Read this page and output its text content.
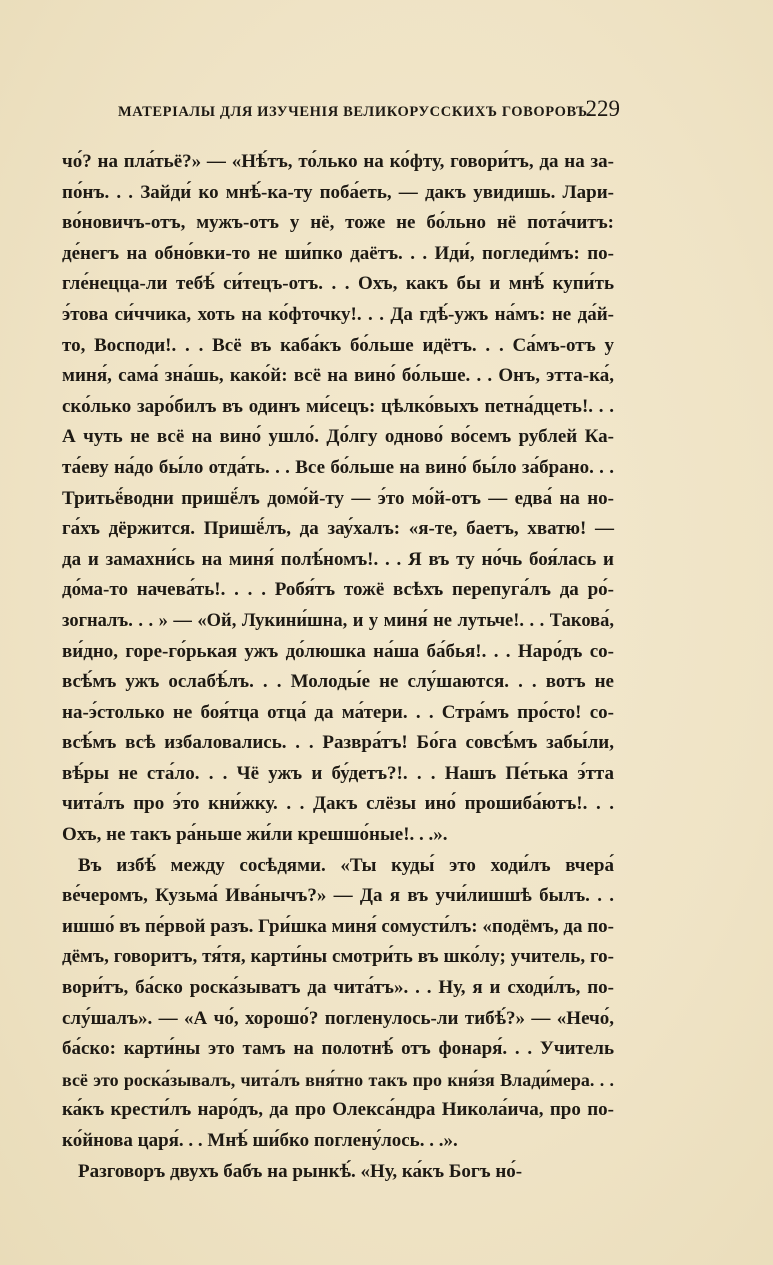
МАТЕРІАЛЫ ДЛЯ ИЗУЧЕНІЯ ВЕЛИКОРУССКИХЪ ГОВОРОВЪ.
229
чо́? на пла́тьё?» — «Нѣ́тъ, то́лько на ко́фту, говори́тъ, да на за-
по́нъ. . . Зайди́ ко мнѣ́-ка-ту поба́еть, — дакъ увидишь. Лари-
во́новичъ-отъ, мужъ-отъ у нё, тоже не бо́льно нё пота́читъ:
де́негъ на обно́вки-то не ши́пко даётъ. . . Иди́, погледи́мъ: по-
гле́нецца-ли тебѣ́ си́тецъ-отъ. . . Охъ, какъ бы и мнѣ́ купи́ть
э́това си́ччика, хоть на ко́фточку!. . . Да гдѣ́-ужъ на́мъ: не да́й-
то, Восподи!. . . Всё въ каба́къ бо́льше идётъ. . . Са́мъ-отъ у
миня́, сама́ зна́шь, како́й: всё на вино́ бо́льше. . . Онъ, этта-ка́,
ско́лько заро́билъ въ одинъ ми́сецъ: цѣлко́выхъ петна́дцеть!. . .
А чуть не всё на вино́ ушло́. До́лгу одново́ во́семъ рублей Ка-
та́еву на́до бы́ло отда́ть. . . Все бо́льше на вино́ бы́ло за́брано. . .
Тритьё́водни пришё́лъ домо́й-ту — э́то мо́й-отъ — едва́ на но-
га́хъ дёржится. Пришё́лъ, да зау́халъ: «я-те, баетъ, хватю! —
да и замахни́сь на миня́ полѣ́номъ!. . . Я въ ту но́чь боя́лась и
до́ма-то начева́ть!. . . . Робя́тъ тожё всѣхъ перепуга́лъ да ро́-
зогналъ. . . » — «Ой, Лукини́шна, и у миня́ не лутьче!. . . Такова́,
ви́дно, горе-го́рькая ужъ до́люшка на́ша ба́бья!. . . Наро́дъ со-
всѣ́мъ ужъ ослабѣ́лъ. . . Молоды́е не слу́шаются. . . вотъ не
на-э́столько не боя́тца отца́ да ма́тери. . . Стра́мъ про́сто! со-
всѣ́мъ всѣ избаловались. . . Развра́тъ! Бо́га совсѣ́мъ забы́ли,
вѣ́ры не ста́ло. . . Чё ужъ и бу́детъ?!. . . Нашъ Пе́тька э́тта
чита́лъ про э́то кни́жку. . . Дакъ слёзы ино́ прошиба́ютъ!. . .
Охъ, не такъ ра́ньше жи́ли крешшо́ные!. . .».
Въ избѣ́ между сосѣдями. «Ты куды́ это ходи́лъ вчера́
ве́черомъ, Кузьма́ Ива́нычъ?» — Да я въ учи́лишшѣ былъ. . .
ишшо́ въ пе́рвой разъ. Гри́шка миня́ сомусти́лъ: «подёмъ, да по-
дёмъ, говоритъ, тя́тя, карти́ны смотри́ть въ шко́лу; учитель, го-
вори́тъ, ба́ско роска́зыватъ да чита́тъ». . . Ну, я и сходи́лъ, по-
слу́шалъ». — «А чо́, хорошо́? погленулось-ли тибѣ́?» — «Нечо́,
ба́ско: карти́ны это тамъ на полотнѣ́ отъ фонаря́. . . Учитель
всё это роска́зывалъ, чита́лъ вня́тно такъ про кня́зя Влади́мера. . .
ка́къ крести́лъ наро́дъ, да про Олекса́ндра Никола́ича, про по-
ко́йнова царя́. . . Мнѣ́ ши́бко поглену́лось. . .».
Разговоръ двухъ бабъ на рынкѣ́. «Ну, ка́къ Богъ но́-
